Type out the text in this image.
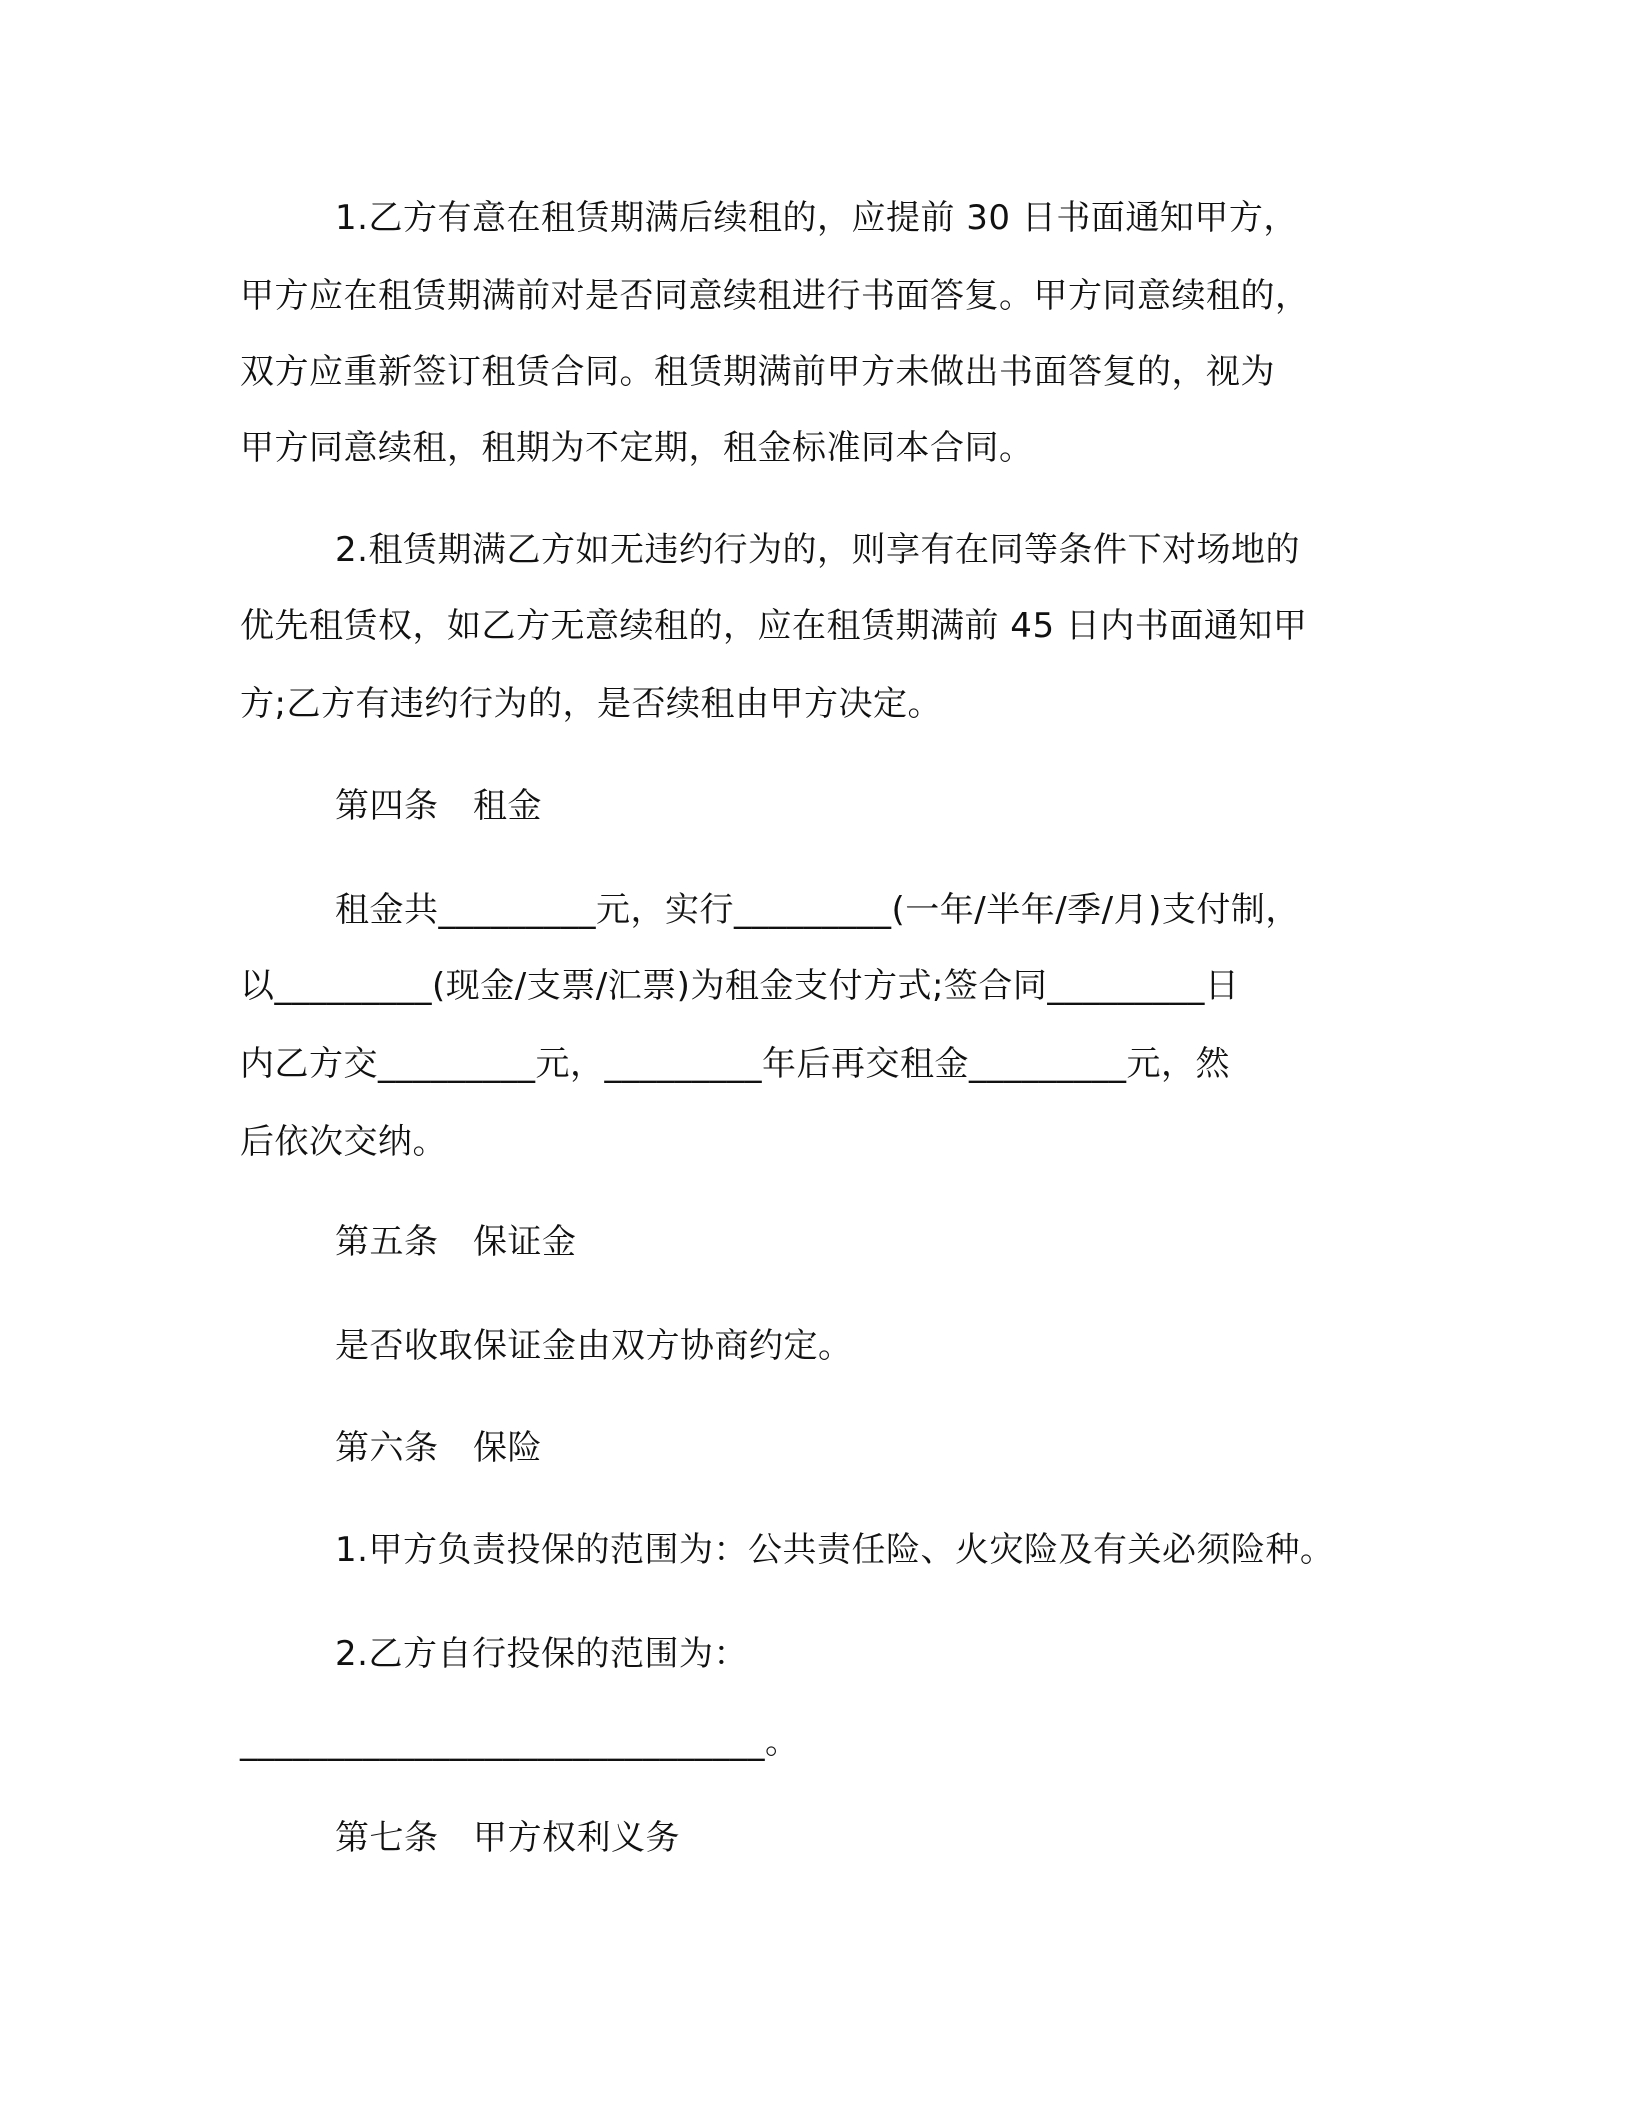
1.乙方有意在租赁期满后续租的，应提前 30 日书面通知甲方，
甲方应在租赁期满前对是否同意续租进行书面答复。甲方同意续租的，
双方应重新签订租赁合同。租赁期满前甲方未做出书面答复的，视为
甲方同意续租，租期为不定期，租金标准同本合同。
2.租赁期满乙方如无违约行为的，则享有在同等条件下对场地的
优先租赁权，如乙方无意续租的，应在租赁期满前 45 日内书面通知甲
方;乙方有违约行为的，是否续租由甲方决定。
第四条　租金
租金共_________元，实行_________(一年/半年/季/月)支付制，
以_________(现金/支票/汇票)为租金支付方式;签合同_________日
内乙方交_________元，_________年后再交租金_________元，然
后依次交纳。
第五条　保证金
是否收取保证金由双方协商约定。
第六条　保险
1.甲方负责投保的范围为：公共责任险、火灾险及有关必须险种。
2.乙方自行投保的范围为：
______________________________。
第七条　甲方权利义务
